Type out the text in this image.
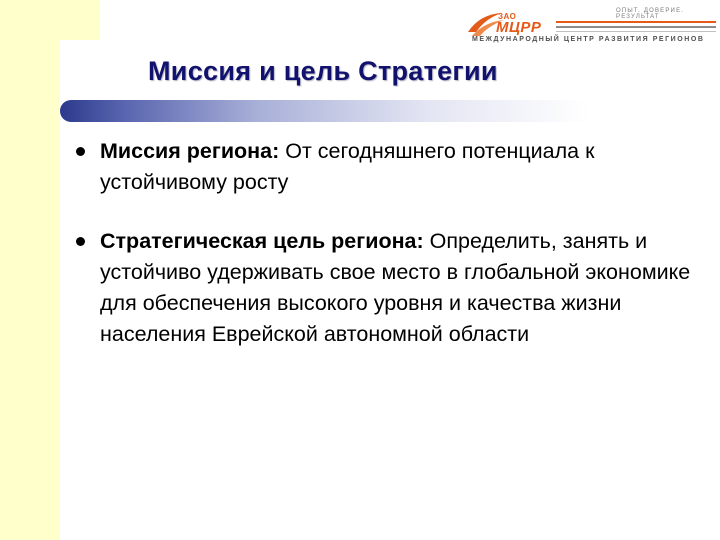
ЗАО
МЦРР
ОПЫТ. ДОВЕРИЕ. РЕЗУЛЬТАТ
МЕЖДУНАРОДНЫЙ ЦЕНТР РАЗВИТИЯ РЕГИОНОВ
Миссия и цель Стратегии
Миссия региона: От сегодняшнего потенциала к устойчивому росту
Стратегическая цель региона: Определить, занять и устойчиво удерживать свое место в глобальной экономике для обеспечения высокого уровня и качества жизни населения Еврейской автономной области
